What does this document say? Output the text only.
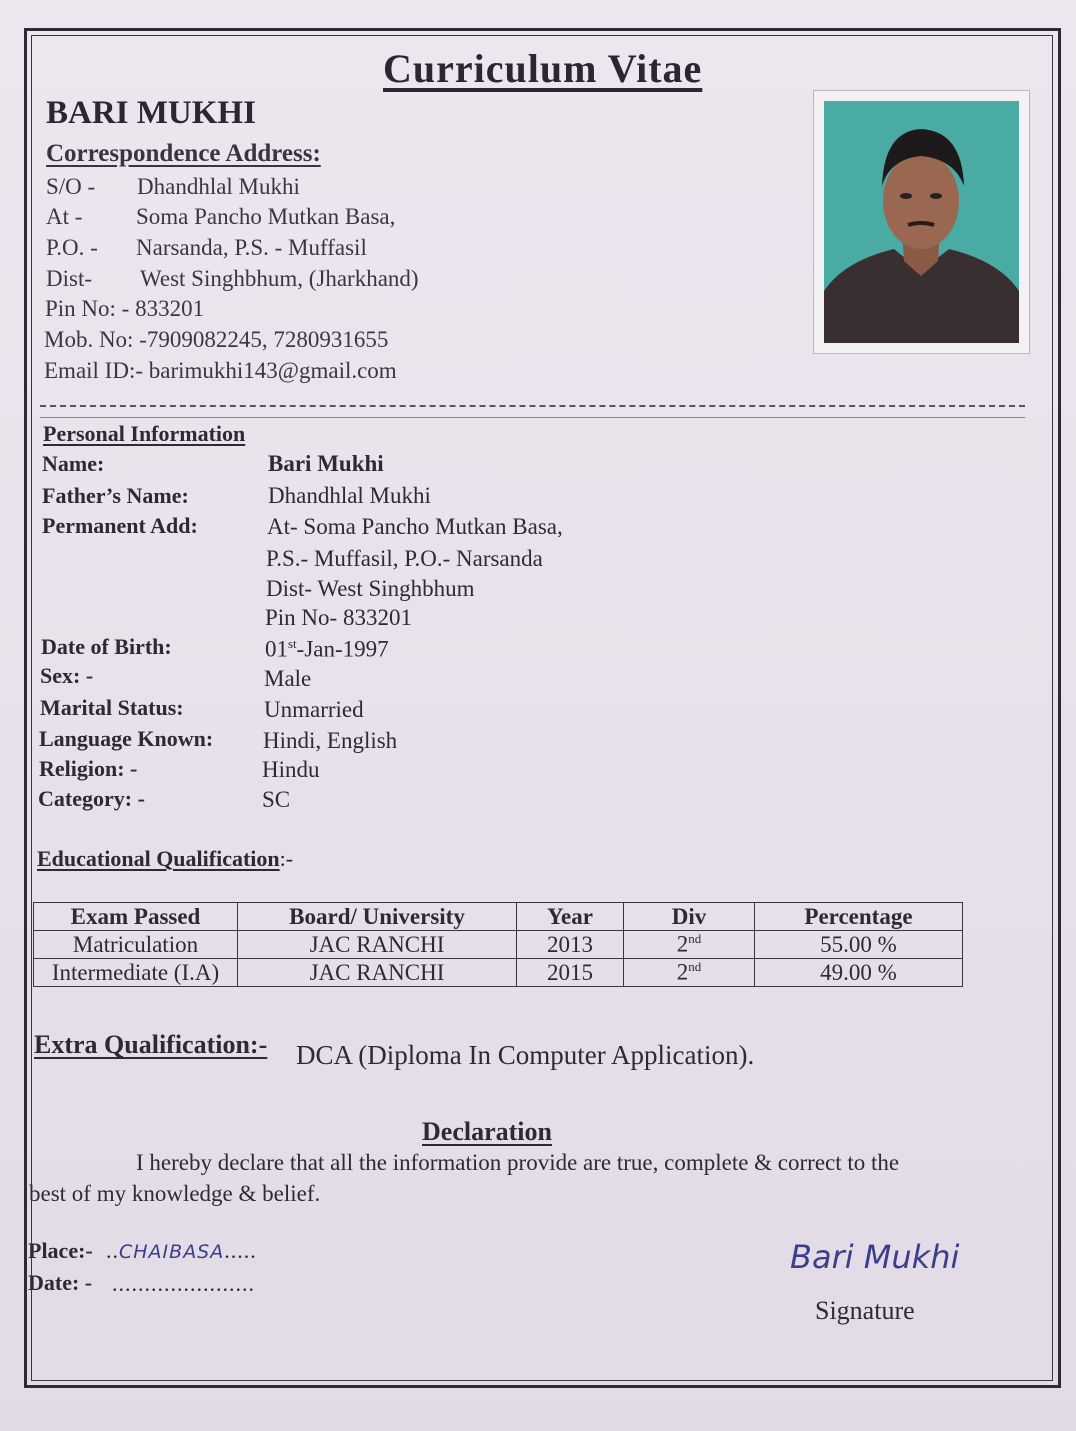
Curriculum Vitae
BARI MUKHI
Correspondence Address:
S/O - Dhandhlal Mukhi
At - Soma Pancho Mutkan Basa,
P.O. - Narsanda, P.S. - Muffasil
Dist- West Singhbhum, (Jharkhand)
Pin No: - 833201
Mob. No: -7909082245, 7280931655
Email ID:- barimukhi143@gmail.com
Personal Information
Name:	Bari Mukhi
Father’s Name:	Dhandhlal Mukhi
Permanent Add:	At- Soma Pancho Mutkan Basa,
P.S.- Muffasil, P.O.- Narsanda
Dist- West Singhbhum
Pin No- 833201
Date of Birth:	01st-Jan-1997
Sex: -	Male
Marital Status:	Unmarried
Language Known: Hindi, English
Religion: -	Hindu
Category: -	SC
Educational Qualification:-
Exam Passed	Board/ University	Year	Div	Percentage
Matriculation	JAC RANCHI	2013	2nd	55.00 %
Intermediate (I.A)	JAC RANCHI	2015	2nd	49.00 %
Extra Qualification:- DCA (Diploma In Computer Application).
Declaration
I hereby declare that all the information provide are true, complete & correct to the
best of my knowledge & belief.
Place:- ..CHAIBASA.....
Date: - ......................
Bari Mukhi
Signature
